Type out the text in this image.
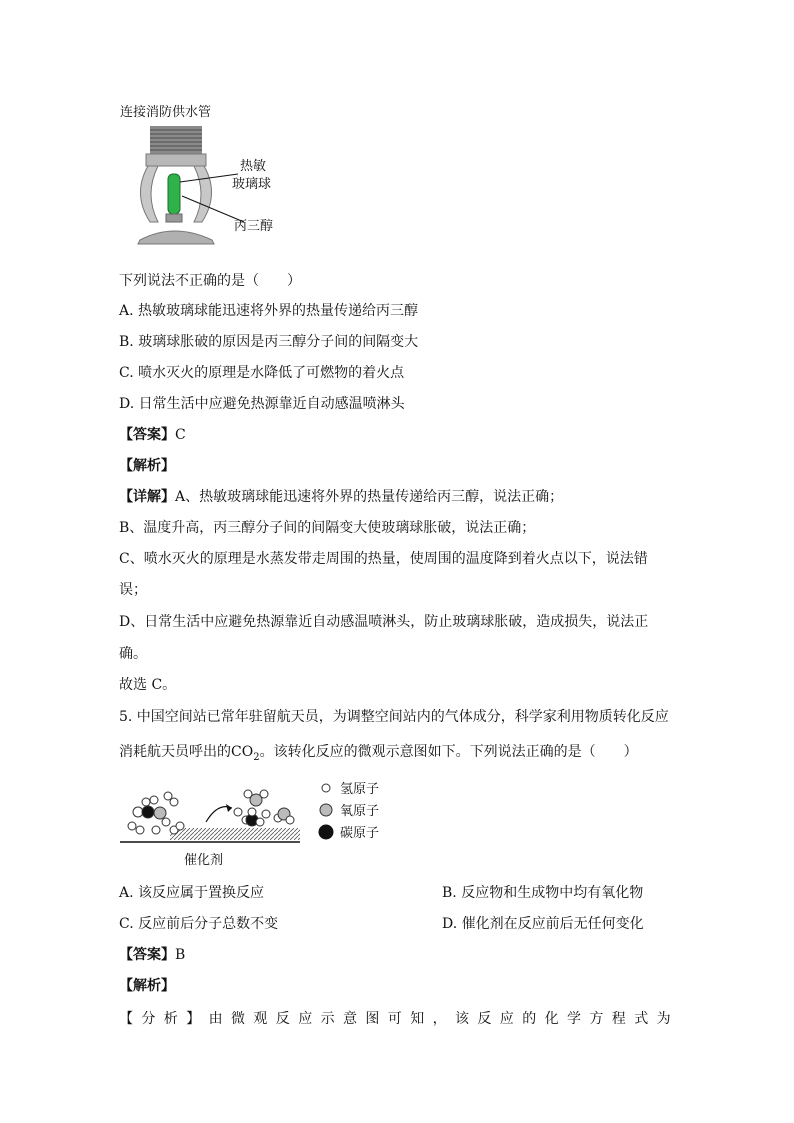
连接消防供水管
热敏
玻璃球
丙三醇
下列说法不正确的是（　　）
A. 热敏玻璃球能迅速将外界的热量传递给丙三醇
B. 玻璃球胀破的原因是丙三醇分子间的间隔变大
C. 喷水灭火的原理是水降低了可燃物的着火点
D. 日常生活中应避免热源靠近自动感温喷淋头
【答案】C
【解析】
【详解】A、热敏玻璃球能迅速将外界的热量传递给丙三醇，说法正确；
B、温度升高，丙三醇分子间的间隔变大使玻璃球胀破，说法正确；
C、喷水灭火的原理是水蒸发带走周围的热量，使周围的温度降到着火点以下，说法错
误；
D、日常生活中应避免热源靠近自动感温喷淋头，防止玻璃球胀破，造成损失，说法正
确。
故选 C。
5. 中国空间站已常年驻留航天员，为调整空间站内的气体成分，科学家利用物质转化反应
消耗航天员呼出的$CO_2$。该转化反应的微观示意图如下。下列说法正确的是（　　）
催化剂
氢原子
氧原子
碳原子
A. 该反应属于置换反应	B. 反应物和生成物中均有氧化物
C. 反应前后分子总数不变	D. 催化剂在反应前后无任何变化
【答案】B
【解析】
【分析】由微观反应示意图可知，该反应的化学方程式为
